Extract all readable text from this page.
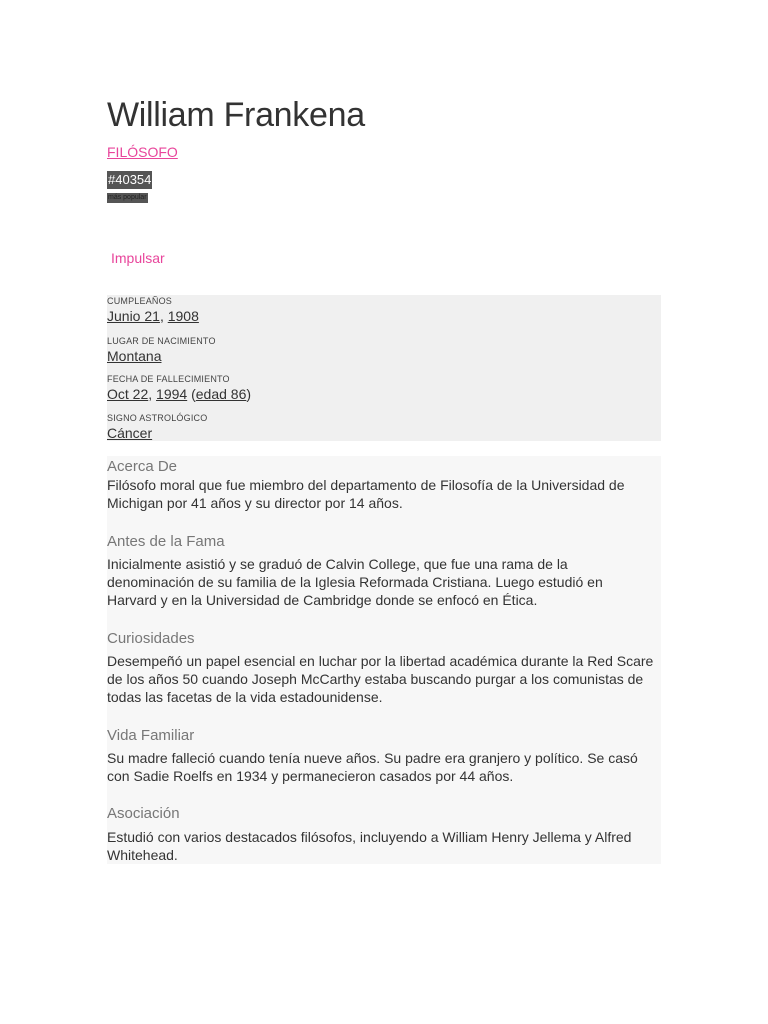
William Frankena
FILÓSOFO
#40354
más popular
Impulsar
CUMPLEAÑOS
Junio 21, 1908
LUGAR DE NACIMIENTO
Montana
FECHA DE FALLECIMIENTO
Oct 22, 1994 (edad 86)
SIGNO ASTROLÓGICO
Cáncer
Acerca De

Filósofo moral que fue miembro del departamento de Filosofía de la Universidad de Michigan por 41 años y su director por 14 años.

Antes de la Fama

Inicialmente asistió y se graduó de Calvin College, que fue una rama de la denominación de su familia de la Iglesia Reformada Cristiana. Luego estudió en Harvard y en la Universidad de Cambridge donde se enfocó en Ética.

Curiosidades

Desempeñó un papel esencial en luchar por la libertad académica durante la Red Scare de los años 50 cuando Joseph McCarthy estaba buscando purgar a los comunistas de todas las facetas de la vida estadounidense.

Vida Familiar

Su madre falleció cuando tenía nueve años. Su padre era granjero y político. Se casó con Sadie Roelfs en 1934 y permanecieron casados por 44 años.

Asociación

Estudió con varios destacados filósofos, incluyendo a William Henry Jellema y Alfred Whitehead.
